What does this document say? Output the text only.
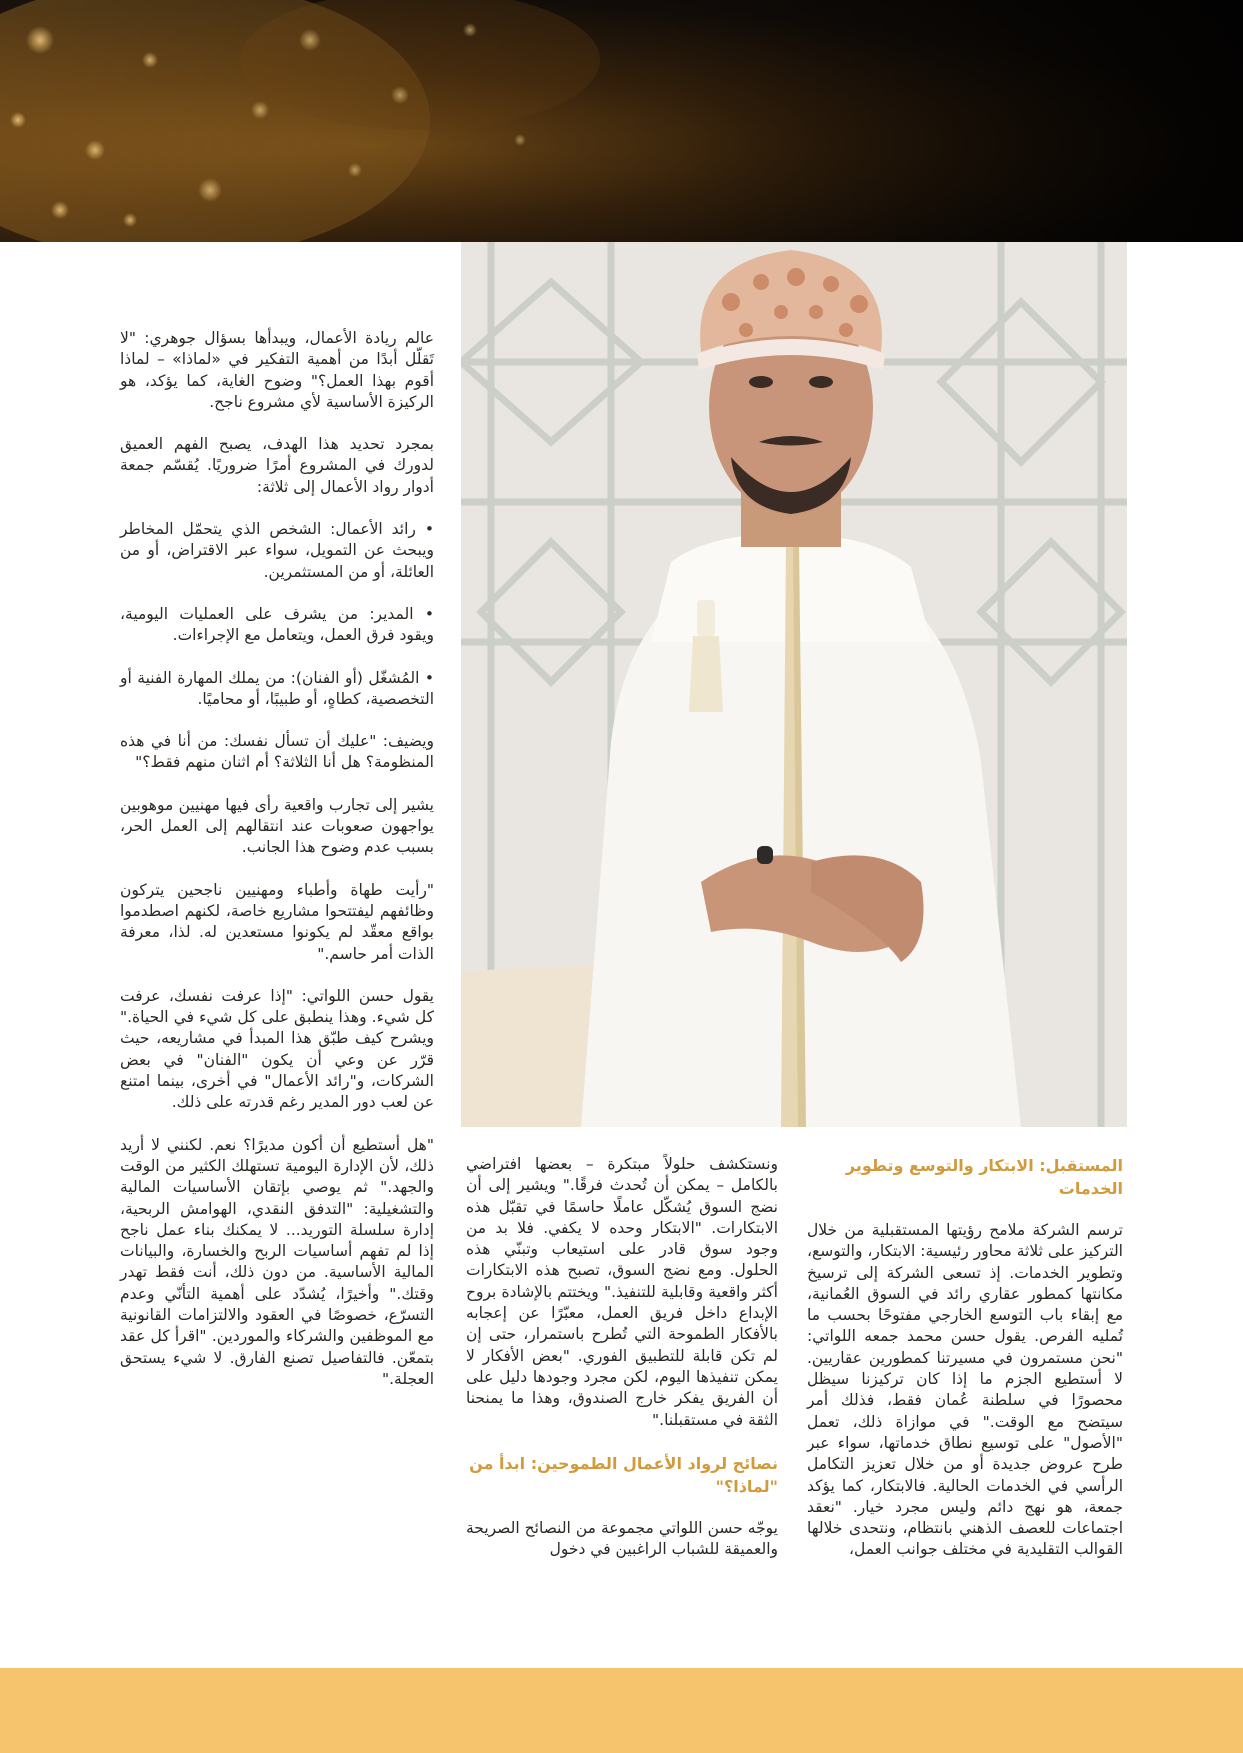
عالم ريادة الأعمال، ويبدأها بسؤال جوهري: "لا تَقلّل أبدًا من أهمية التفكير في «لماذا» – لماذا أقوم بهذا العمل؟" وضوح الغاية، كما يؤكد، هو الركيزة الأساسية لأي مشروع ناجح.

بمجرد تحديد هذا الهدف، يصبح الفهم العميق لدورك في المشروع أمرًا ضروريًا. يُقسّم جمعة أدوار رواد الأعمال إلى ثلاثة:

• رائد الأعمال: الشخص الذي يتحمّل المخاطر ويبحث عن التمويل، سواء عبر الاقتراض، أو من العائلة، أو من المستثمرين.

• المدير: من يشرف على العمليات اليومية، ويقود فرق العمل، ويتعامل مع الإجراءات.

• المُشغّل (أو الفنان): من يملك المهارة الفنية أو التخصصية، كطاهٍ، أو طبيبًا، أو محاميًا.

ويضيف: "عليك أن تسأل نفسك: من أنا في هذه المنظومة؟ هل أنا الثلاثة؟ أم اثنان منهم فقط؟"

يشير إلى تجارب واقعية رأى فيها مهنيين موهوبين يواجهون صعوبات عند انتقالهم إلى العمل الحر، بسبب عدم وضوح هذا الجانب.

"رأيت طهاة وأطباء ومهنيين ناجحين يتركون وظائفهم ليفتتحوا مشاريع خاصة، لكنهم اصطدموا بواقع معقّد لم يكونوا مستعدين له. لذا، معرفة الذات أمر حاسم."

يقول حسن اللواتي: "إذا عرفت نفسك، عرفت كل شيء. وهذا ينطبق على كل شيء في الحياة." ويشرح كيف طبّق هذا المبدأ في مشاريعه، حيث قرّر عن وعي أن يكون "الفنان" في بعض الشركات، و"رائد الأعمال" في أخرى، بينما امتنع عن لعب دور المدير رغم قدرته على ذلك.

"هل أستطيع أن أكون مديرًا؟ نعم. لكنني لا أريد ذلك، لأن الإدارة اليومية تستهلك الكثير من الوقت والجهد." ثم يوصي بإتقان الأساسيات المالية والتشغيلية: "التدفق النقدي، الهوامش الربحية، إدارة سلسلة التوريد... لا يمكنك بناء عمل ناجح إذا لم تفهم أساسيات الربح والخسارة، والبيانات المالية الأساسية. من دون ذلك، أنت فقط تهدر وقتك." وأخيرًا، يُشدّد على أهمية التأنّي وعدم التسرّع، خصوصًا في العقود والالتزامات القانونية مع الموظفين والشركاء والموردين. "اقرأ كل عقد بتمعّن. فالتفاصيل تصنع الفارق. لا شيء يستحق العجلة."

ونستكشف حلولاً مبتكرة – بعضها افتراضي بالكامل – يمكن أن تُحدث فرقًا." ويشير إلى أن نضج السوق يُشكّل عاملًا حاسمًا في تقبّل هذه الابتكارات. "الابتكار وحده لا يكفي. فلا بد من وجود سوق قادر على استيعاب وتبنّي هذه الحلول. ومع نضج السوق، تصبح هذه الابتكارات أكثر واقعية وقابلية للتنفيذ." ويختتم بالإشادة بروح الإبداع داخل فريق العمل، معبّرًا عن إعجابه بالأفكار الطموحة التي تُطرح باستمرار، حتى إن لم تكن قابلة للتطبيق الفوري. "بعض الأفكار لا يمكن تنفيذها اليوم، لكن مجرد وجودها دليل على أن الفريق يفكر خارج الصندوق، وهذا ما يمنحنا الثقة في مستقبلنا."

نصائح لرواد الأعمال الطموحين: ابدأ من "لماذا؟"

يوجّه حسن اللواتي مجموعة من النصائح الصريحة والعميقة للشباب الراغبين في دخول

المستقبل: الابتكار والتوسع وتطوير الخدمات

ترسم الشركة ملامح رؤيتها المستقبلية من خلال التركيز على ثلاثة محاور رئيسية: الابتكار، والتوسع، وتطوير الخدمات. إذ تسعى الشركة إلى ترسيخ مكانتها كمطور عقاري رائد في السوق العُمانية، مع إبقاء باب التوسع الخارجي مفتوحًا بحسب ما تُمليه الفرص. يقول حسن محمد جمعه اللواتي: "نحن مستمرون في مسيرتنا كمطورين عقاريين. لا أستطيع الجزم ما إذا كان تركيزنا سيظل محصورًا في سلطنة عُمان فقط، فذلك أمر سيتضح مع الوقت." في موازاة ذلك، تعمل "الأصول" على توسيع نطاق خدماتها، سواء عبر طرح عروض جديدة أو من خلال تعزيز التكامل الرأسي في الخدمات الحالية. فالابتكار، كما يؤكد جمعة، هو نهج دائم وليس مجرد خيار. "نعقد اجتماعات للعصف الذهني بانتظام، ونتحدى خلالها القوالب التقليدية في مختلف جوانب العمل،
